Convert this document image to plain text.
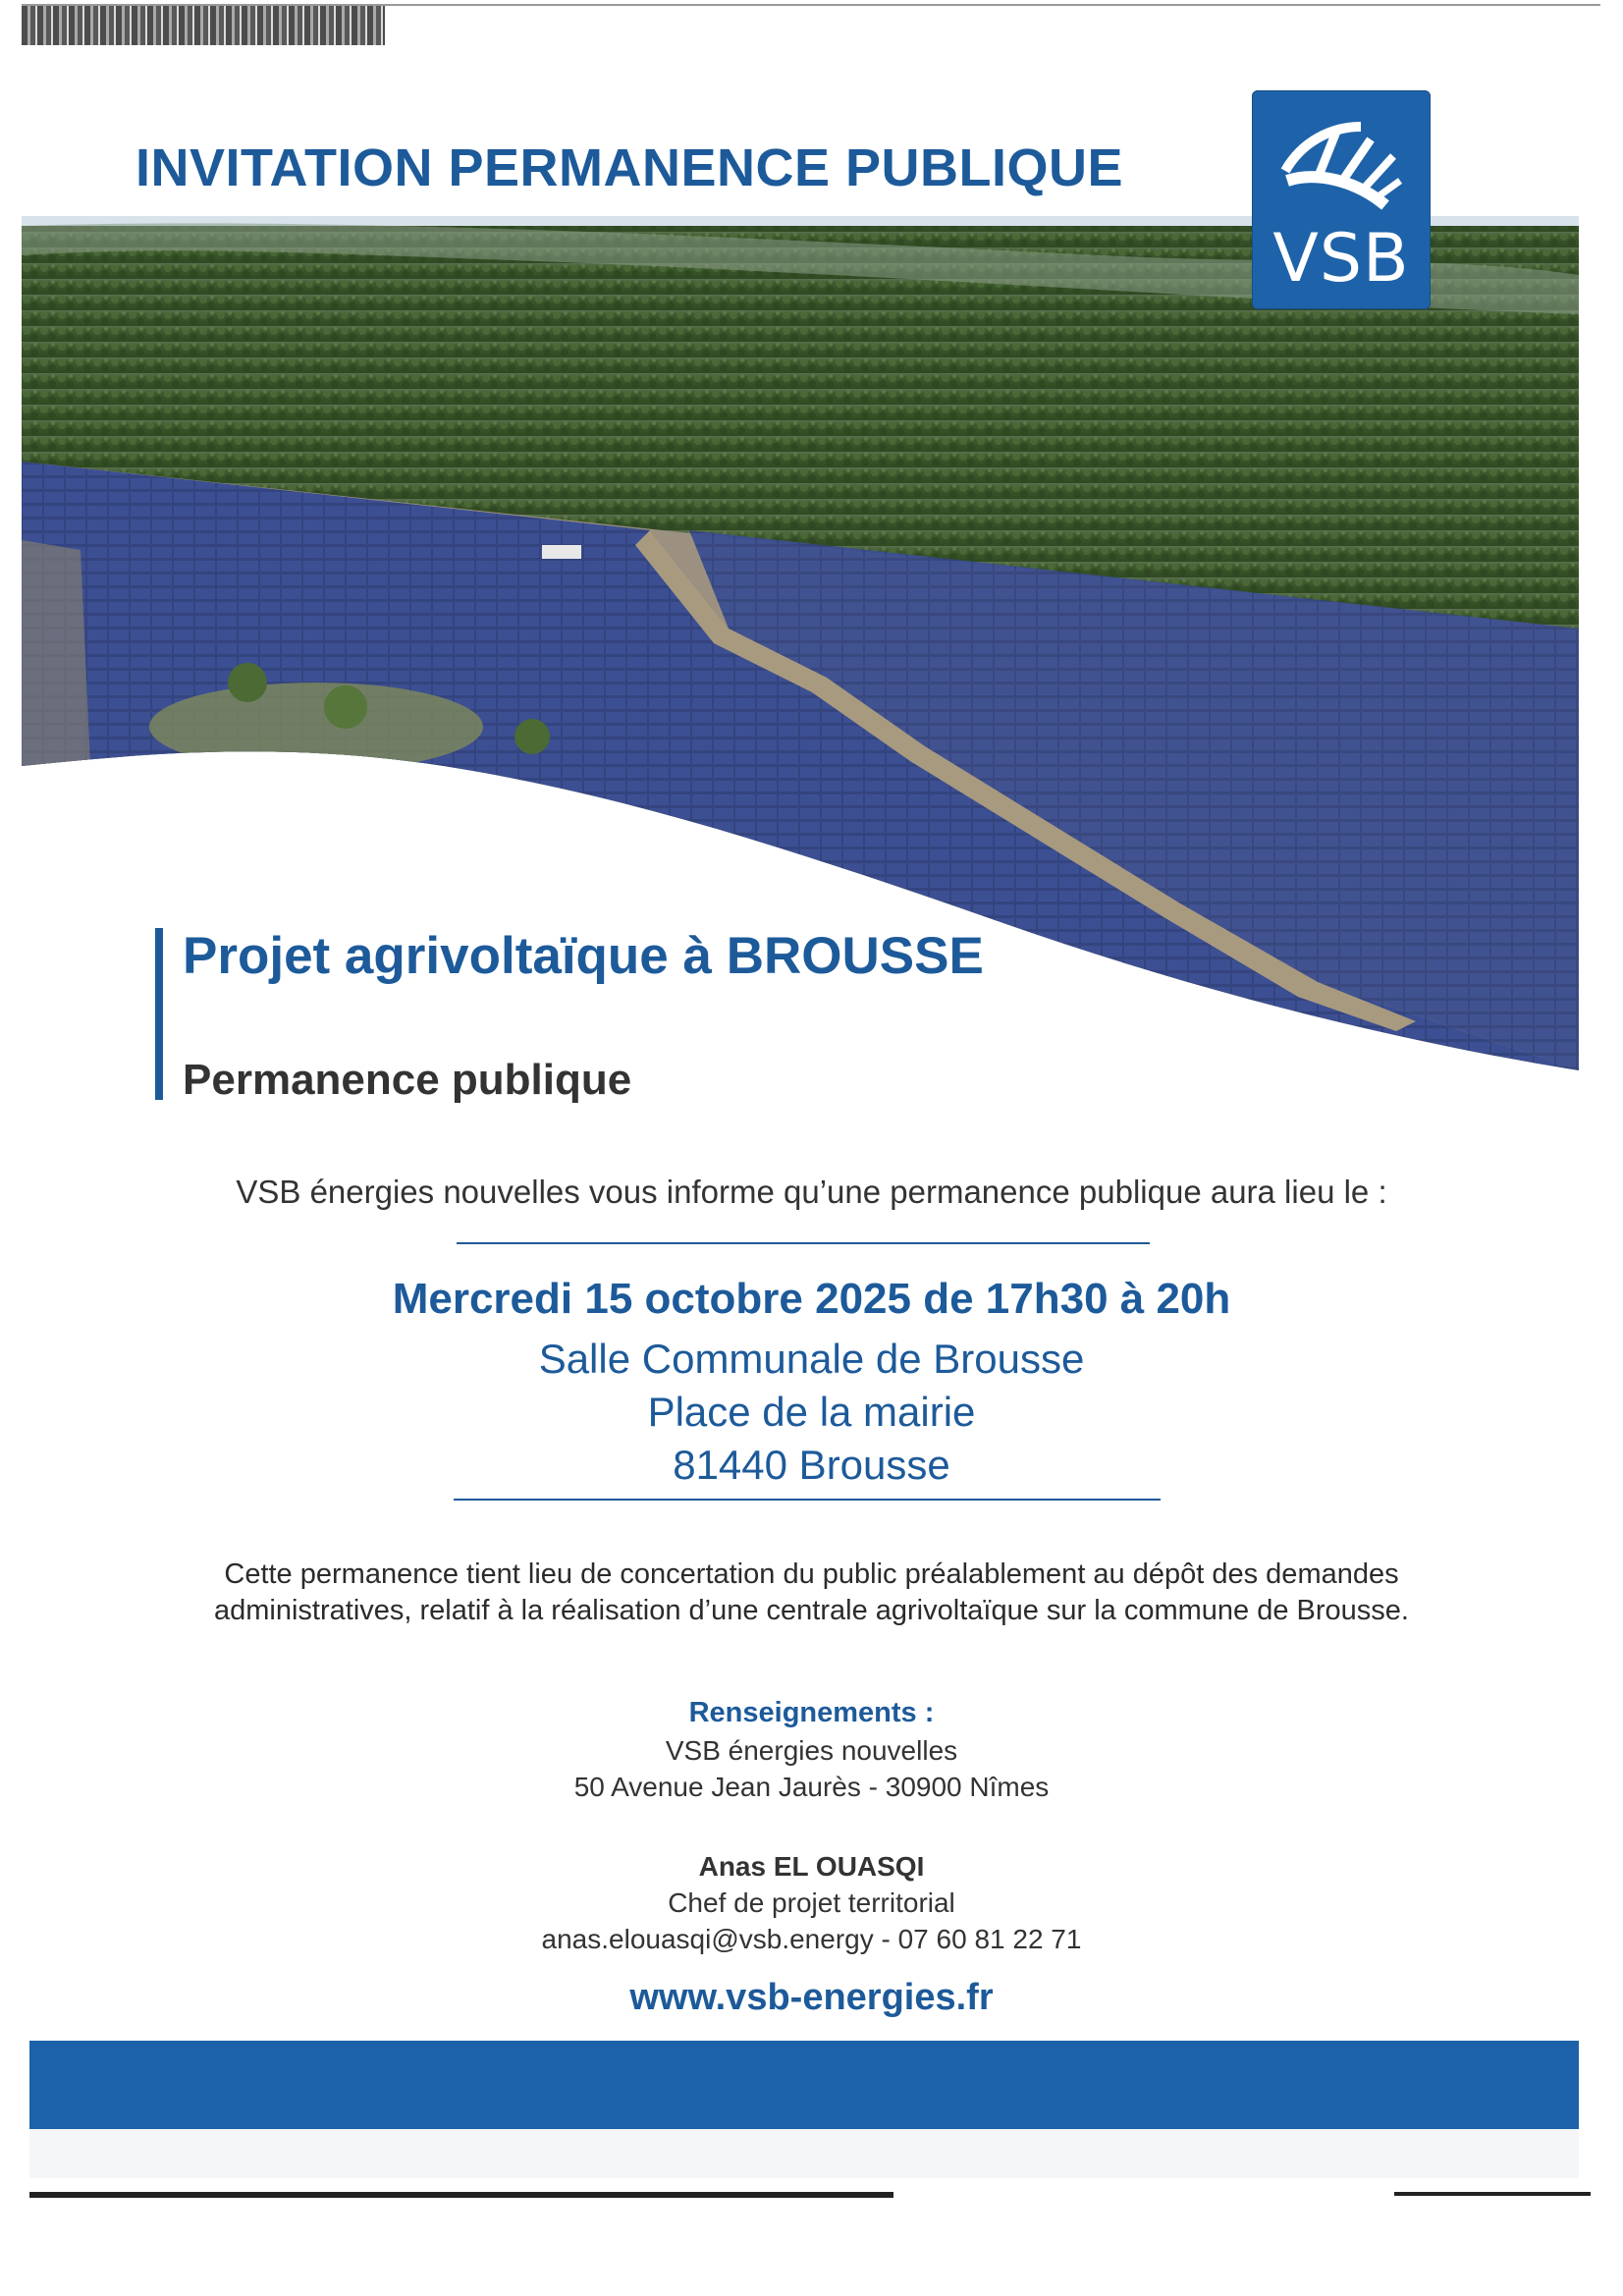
INVITATION PERMANENCE PUBLIQUE
VSB
Projet agrivoltaïque à BROUSSE
Permanence publique
VSB énergies nouvelles vous informe qu’une permanence publique aura lieu le :
Mercredi 15 octobre 2025 de 17h30 à 20h
Salle Communale de Brousse
Place de la mairie
81440 Brousse
Cette permanence tient lieu de concertation du public préalablement au dépôt des demandes
administratives, relatif à la réalisation d’une centrale agrivoltaïque sur la commune de Brousse.
Renseignements :
VSB énergies nouvelles
50 Avenue Jean Jaurès - 30900 Nîmes
Anas EL OUASQI
Chef de projet territorial
anas.elouasqi@vsb.energy - 07 60 81 22 71
www.vsb-energies.fr
